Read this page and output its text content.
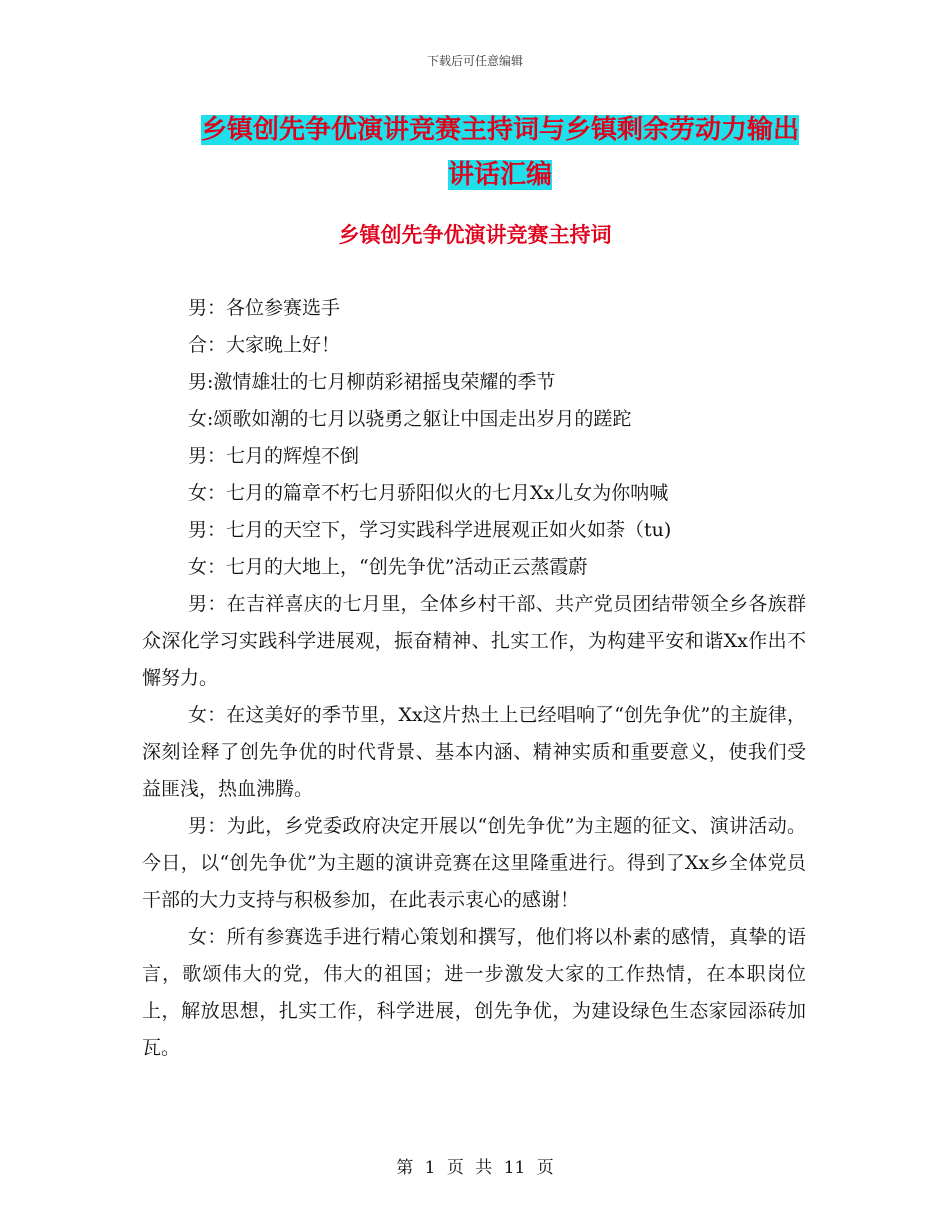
下载后可任意编辑
乡镇创先争优演讲竞赛主持词与乡镇剩余劳动力输出
讲话汇编
乡镇创先争优演讲竞赛主持词

男：各位参赛选手

合：大家晚上好！

男:激情雄壮的七月柳荫彩裙摇曳荣耀的季节

女:颂歌如潮的七月以骁勇之躯让中国走出岁月的蹉跎

男：七月的辉煌不倒

女：七月的篇章不朽七月骄阳似火的七月Xx儿女为你呐喊

男：七月的天空下，学习实践科学进展观正如火如荼（tu)

女：七月的大地上，“创先争优”活动正云蒸霞蔚

男：在吉祥喜庆的七月里，全体乡村干部、共产党员团结带领全乡各族群众深化学习实践科学进展观，振奋精神、扎实工作，为构建平安和谐Xx作出不懈努力。

女：在这美好的季节里，Xx这片热土上已经唱响了“创先争优”的主旋律，深刻诠释了创先争优的时代背景、基本内涵、精神实质和重要意义，使我们受益匪浅，热血沸腾。

男：为此，乡党委政府决定开展以“创先争优”为主题的征文、演讲活动。今日，以“创先争优”为主题的演讲竞赛在这里隆重进行。得到了Xx乡全体党员干部的大力支持与积极参加，在此表示衷心的感谢！

女：所有参赛选手进行精心策划和撰写，他们将以朴素的感情，真挚的语言，歌颂伟大的党，伟大的祖国；进一步激发大家的工作热情，在本职岗位上，解放思想，扎实工作，科学进展，创先争优，为建设绿色生态家园添砖加瓦。

第 1 页 共 11 页
